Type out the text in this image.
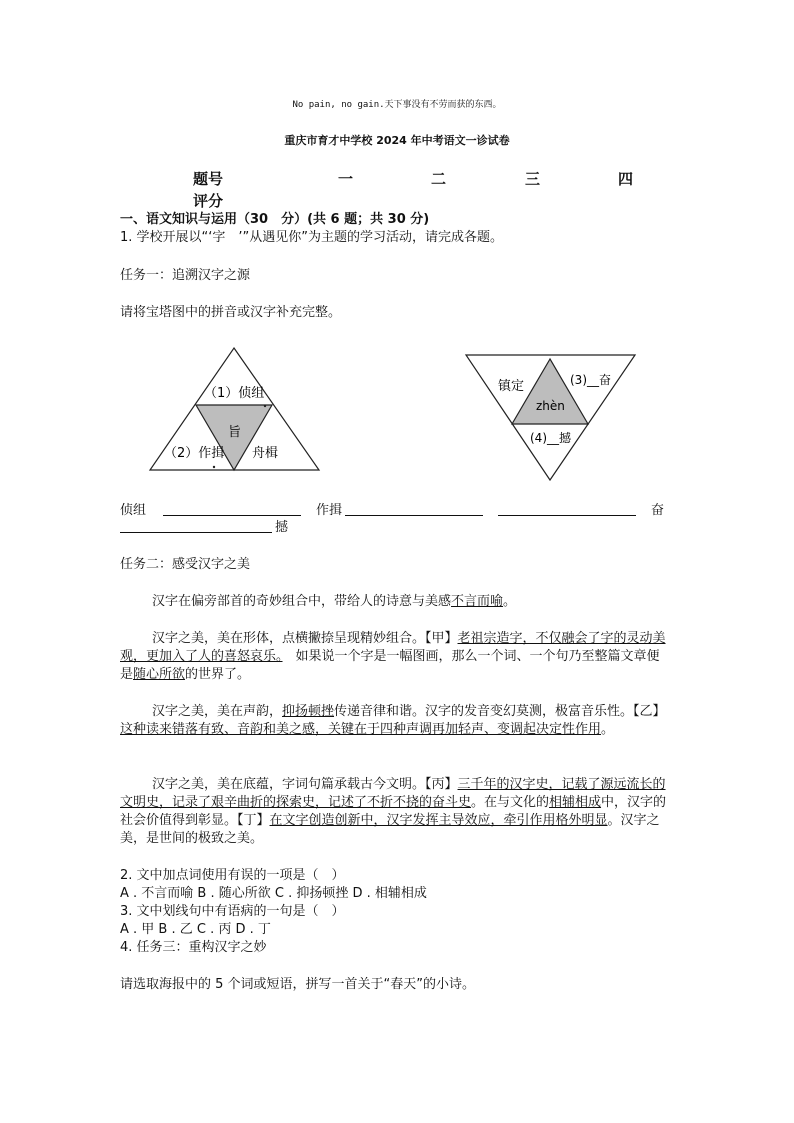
No pain, no gain.天下事没有不劳而获的东西。
重庆市育才中学校 2024 年中考语文一诊试卷
题号	一	二	三	四
评分
一、语文知识与运用（30　分）(共 6 题；共 30 分)
1. 学校开展以“‘字　’”从遇见你”为主题的学习活动，请完成各题。
任务一：追溯汉字之源
请将宝塔图中的拼音或汉字补充完整。
（1）侦组
旨
（2）作揖 舟楫
镇定
zhèn
(3)__奋
(4)__撼
侦组	作揖	奋
撼
任务二：感受汉字之美
汉字在偏旁部首的奇妙组合中，带给人的诗意与美感不言而喻。
汉字之美，美在形体，点横撇捺呈现精妙组合。【甲】老祖宗造字，不仅融会了字的灵动美观，更加入了人的喜怒哀乐。　 如果说一个字是一幅图画，那么一个词、一个句乃至整篇文章便是随心所欲的世界了。
汉字之美，美在声韵，抑扬顿挫传递音律和谐。汉字的发音变幻莫测，极富音乐性。【乙】这种读来错落有致、音韵和美之感，关键在于四种声调再加轻声、变调起决定性作用。
汉字之美，美在底蕴，字词句篇承载古今文明。【丙】三千年的汉字史，记载了源远流长的文明史，记录了艰辛曲折的探索史，记述了不折不挠的奋斗史。在与文化的相辅相成中，汉字的社会价值得到彰显。【丁】在文字创造创新中，汉字发挥主导效应，牵引作用格外明显。汉字之美，是世间的极致之美。
2. 文中加点词使用有误的一项是（　）
A . 不言而喻 B . 随心所欲 C . 抑扬顿挫 D . 相辅相成
3. 文中划线句中有语病的一句是（　）
A . 甲 B . 乙 C . 丙 D . 丁
4. 任务三：重构汉字之妙
请选取海报中的 5 个词或短语，拼写一首关于“春天”的小诗。
